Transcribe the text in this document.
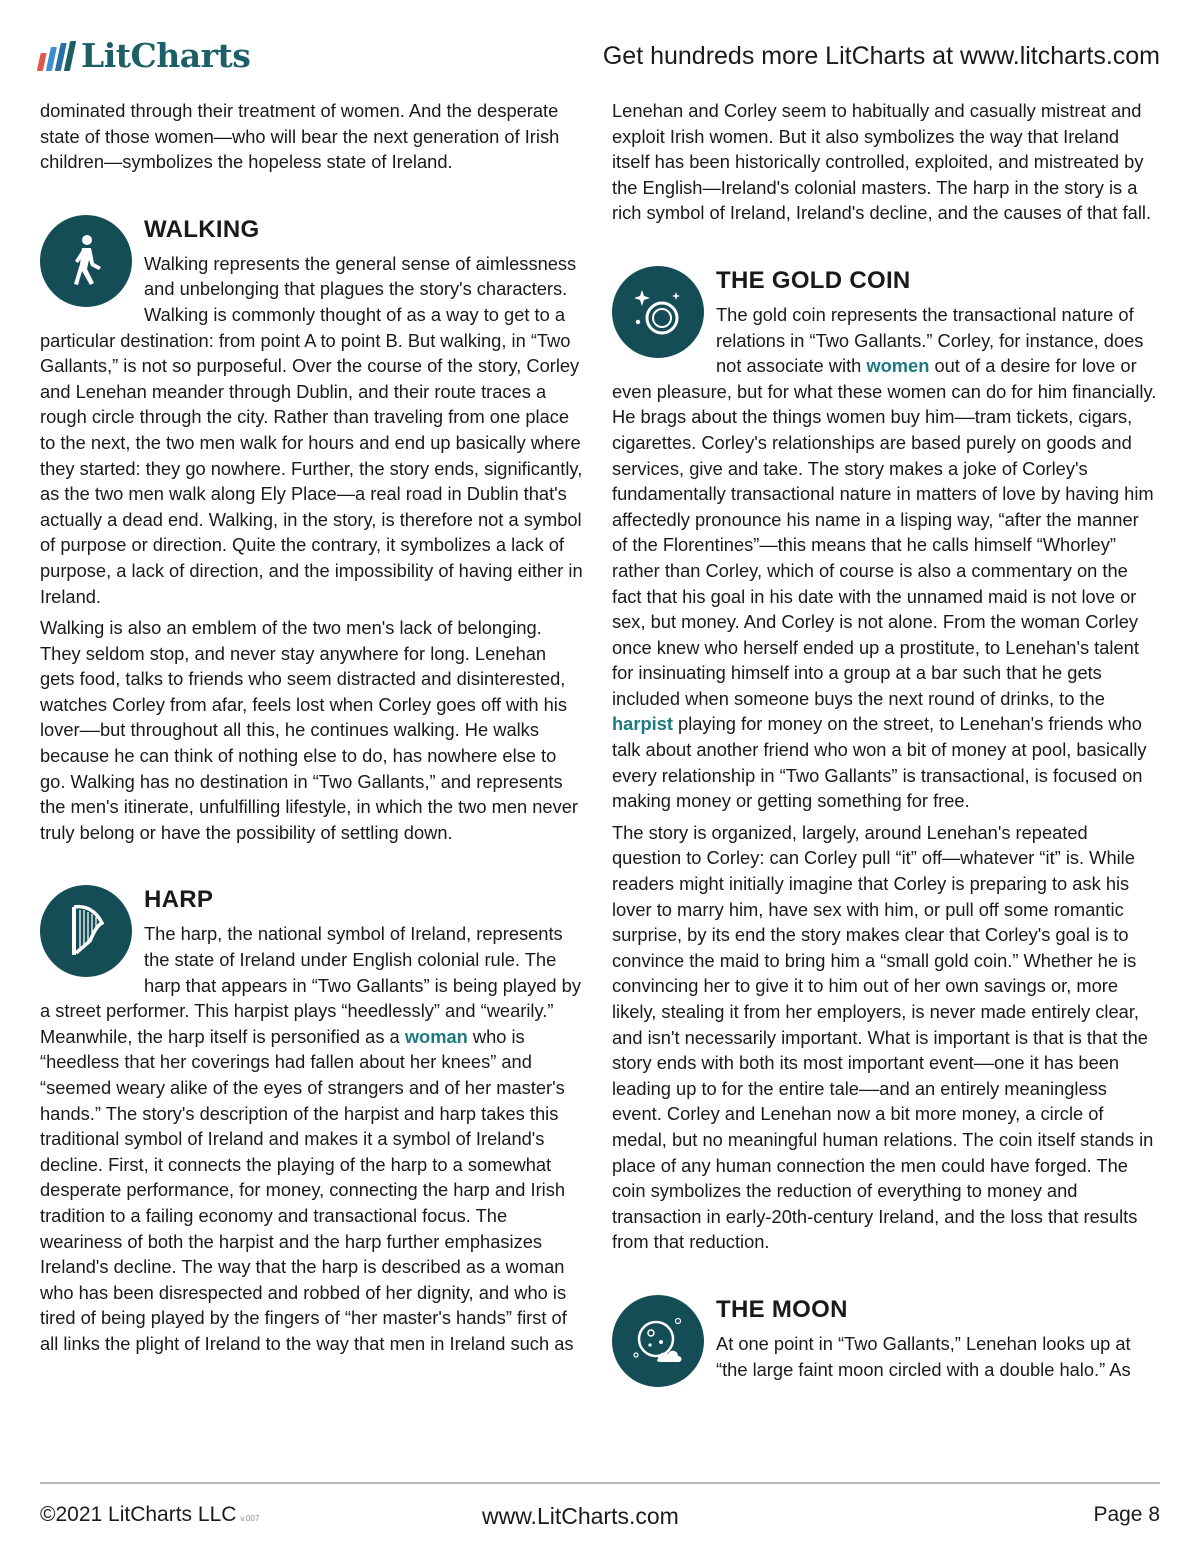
LitCharts	Get hundreds more LitCharts at www.litcharts.com

dominated through their treatment of women. And the desperate state of those women—who will bear the next generation of Irish children—symbolizes the hopeless state of Ireland.

WALKING

Walking represents the general sense of aimlessness and unbelonging that plagues the story's characters. Walking is commonly thought of as a way to get to a particular destination: from point A to point B. But walking, in “Two Gallants,” is not so purposeful. Over the course of the story, Corley and Lenehan meander through Dublin, and their route traces a rough circle through the city. Rather than traveling from one place to the next, the two men walk for hours and end up basically where they started: they go nowhere. Further, the story ends, significantly, as the two men walk along Ely Place—a real road in Dublin that's actually a dead end. Walking, in the story, is therefore not a symbol of purpose or direction. Quite the contrary, it symbolizes a lack of purpose, a lack of direction, and the impossibility of having either in Ireland.

Walking is also an emblem of the two men's lack of belonging. They seldom stop, and never stay anywhere for long. Lenehan gets food, talks to friends who seem distracted and disinterested, watches Corley from afar, feels lost when Corley goes off with his lover––but throughout all this, he continues walking. He walks because he can think of nothing else to do, has nowhere else to go. Walking has no destination in “Two Gallants,” and represents the men's itinerate, unfulfilling lifestyle, in which the two men never truly belong or have the possibility of settling down.

HARP

The harp, the national symbol of Ireland, represents the state of Ireland under English colonial rule. The harp that appears in “Two Gallants” is being played by a street performer. This harpist plays “heedlessly” and “wearily.” Meanwhile, the harp itself is personified as a woman who is “heedless that her coverings had fallen about her knees” and “seemed weary alike of the eyes of strangers and of her master's hands.” The story's description of the harpist and harp takes this traditional symbol of Ireland and makes it a symbol of Ireland's decline. First, it connects the playing of the harp to a somewhat desperate performance, for money, connecting the harp and Irish tradition to a failing economy and transactional focus. The weariness of both the harpist and the harp further emphasizes Ireland's decline. The way that the harp is described as a woman who has been disrespected and robbed of her dignity, and who is tired of being played by the fingers of “her master's hands” first of all links the plight of Ireland to the way that men in Ireland such as

Lenehan and Corley seem to habitually and casually mistreat and exploit Irish women. But it also symbolizes the way that Ireland itself has been historically controlled, exploited, and mistreated by the English—Ireland's colonial masters. The harp in the story is a rich symbol of Ireland, Ireland's decline, and the causes of that fall.

THE GOLD COIN

The gold coin represents the transactional nature of relations in “Two Gallants.” Corley, for instance, does not associate with women out of a desire for love or even pleasure, but for what these women can do for him financially. He brags about the things women buy him––tram tickets, cigars, cigarettes. Corley's relationships are based purely on goods and services, give and take. The story makes a joke of Corley's fundamentally transactional nature in matters of love by having him affectedly pronounce his name in a lisping way, “after the manner of the Florentines”—this means that he calls himself “Whorley” rather than Corley, which of course is also a commentary on the fact that his goal in his date with the unnamed maid is not love or sex, but money. And Corley is not alone. From the woman Corley once knew who herself ended up a prostitute, to Lenehan's talent for insinuating himself into a group at a bar such that he gets included when someone buys the next round of drinks, to the harpist playing for money on the street, to Lenehan's friends who talk about another friend who won a bit of money at pool, basically every relationship in “Two Gallants” is transactional, is focused on making money or getting something for free.

The story is organized, largely, around Lenehan's repeated question to Corley: can Corley pull “it” off—whatever “it” is. While readers might initially imagine that Corley is preparing to ask his lover to marry him, have sex with him, or pull off some romantic surprise, by its end the story makes clear that Corley's goal is to convince the maid to bring him a “small gold coin.” Whether he is convincing her to give it to him out of her own savings or, more likely, stealing it from her employers, is never made entirely clear, and isn't necessarily important. What is important is that is that the story ends with both its most important event––one it has been leading up to for the entire tale––and an entirely meaningless event. Corley and Lenehan now a bit more money, a circle of medal, but no meaningful human relations. The coin itself stands in place of any human connection the men could have forged. The coin symbolizes the reduction of everything to money and transaction in early-20th-century Ireland, and the loss that results from that reduction.

THE MOON

At one point in “Two Gallants,” Lenehan looks up at “the large faint moon circled with a double halo.” As

©2021 LitCharts LLC v.007	www.LitCharts.com	Page 8
